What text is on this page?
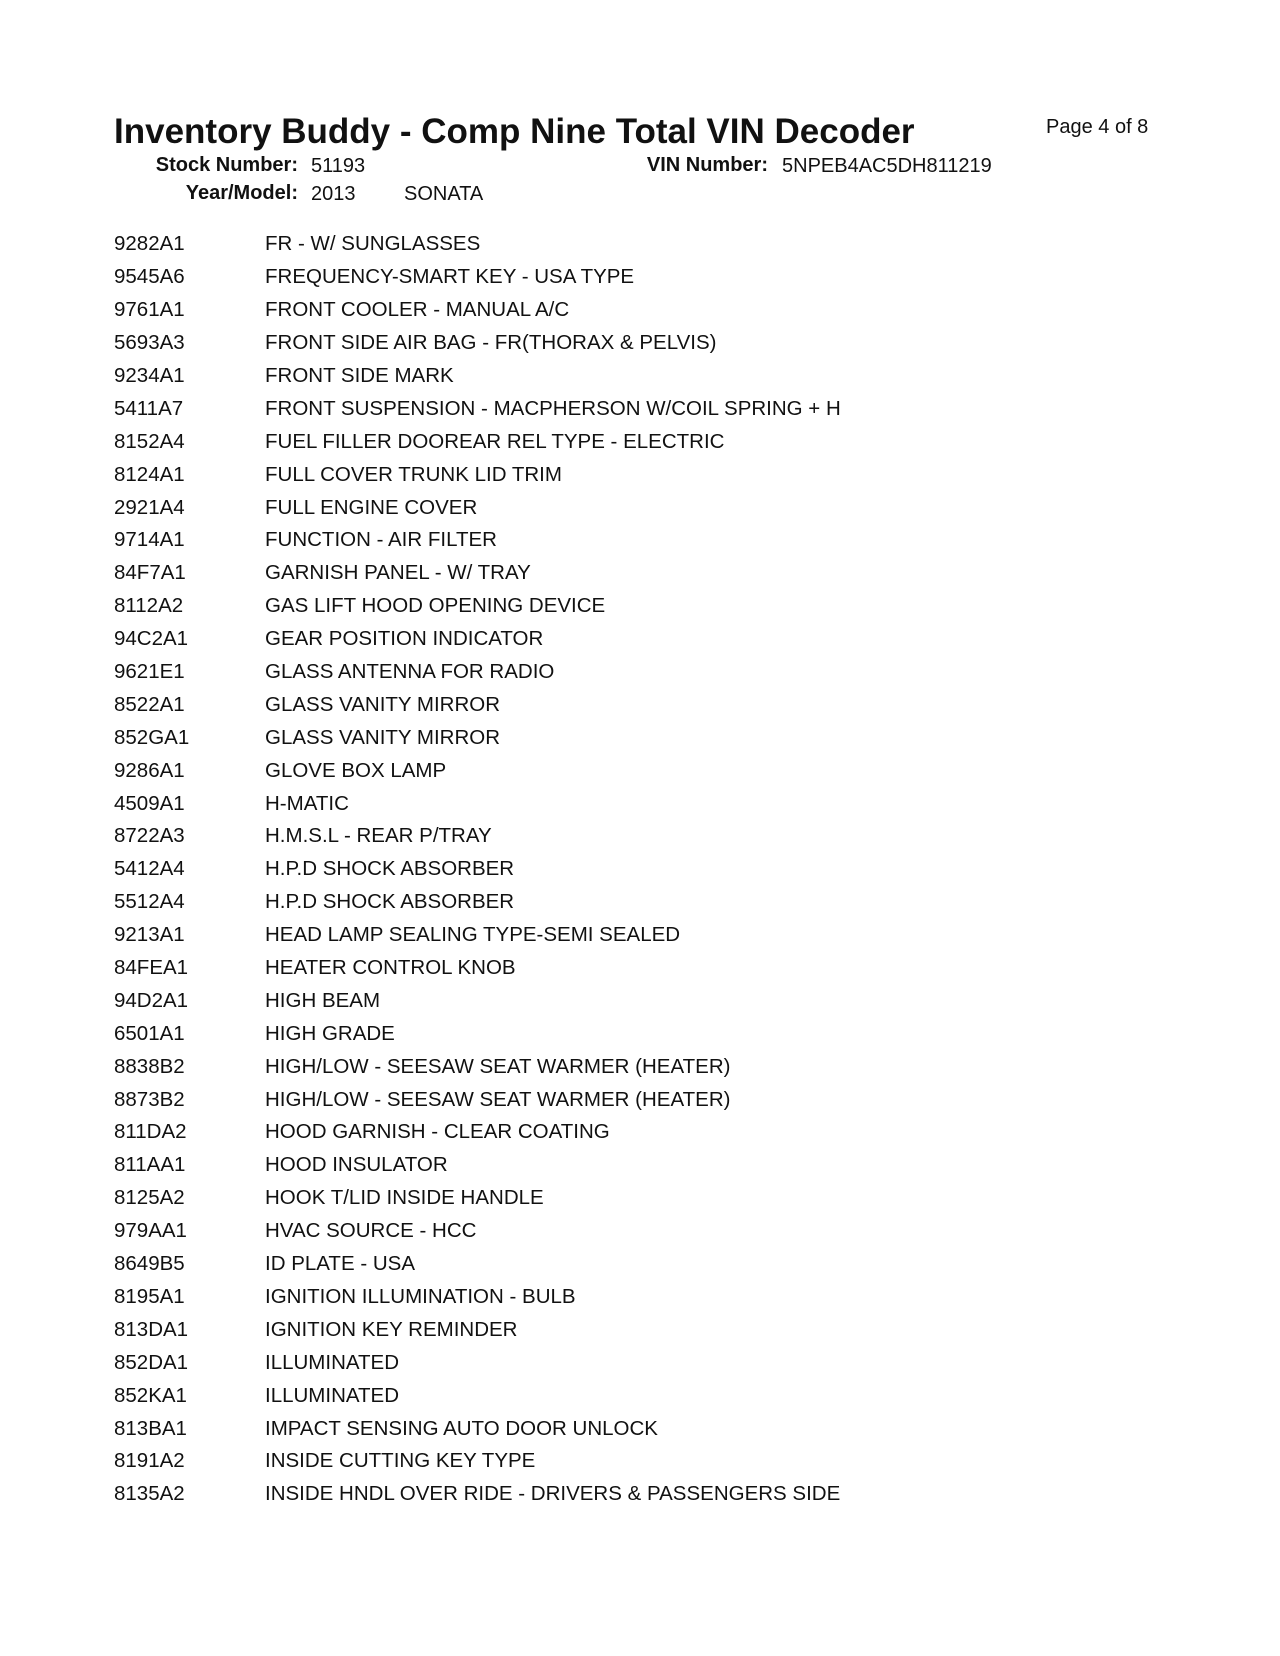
Inventory Buddy - Comp Nine Total VIN Decoder	Page 4 of 8
Stock Number: 51193	VIN Number: 5NPEB4AC5DH811219
Year/Model: 2013 SONATA
9282A1	FR - W/ SUNGLASSES
9545A6	FREQUENCY-SMART KEY - USA TYPE
9761A1	FRONT COOLER - MANUAL A/C
5693A3	FRONT SIDE AIR BAG - FR(THORAX & PELVIS)
9234A1	FRONT SIDE MARK
5411A7	FRONT SUSPENSION - MACPHERSON W/COIL SPRING + H
8152A4	FUEL FILLER DOOREAR REL TYPE - ELECTRIC
8124A1	FULL COVER TRUNK LID TRIM
2921A4	FULL ENGINE COVER
9714A1	FUNCTION - AIR FILTER
84F7A1	GARNISH PANEL - W/ TRAY
8112A2	GAS LIFT HOOD OPENING DEVICE
94C2A1	GEAR POSITION INDICATOR
9621E1	GLASS ANTENNA FOR RADIO
8522A1	GLASS VANITY MIRROR
852GA1	GLASS VANITY MIRROR
9286A1	GLOVE BOX LAMP
4509A1	H-MATIC
8722A3	H.M.S.L - REAR P/TRAY
5412A4	H.P.D SHOCK ABSORBER
5512A4	H.P.D SHOCK ABSORBER
9213A1	HEAD LAMP SEALING TYPE-SEMI SEALED
84FEA1	HEATER CONTROL KNOB
94D2A1	HIGH BEAM
6501A1	HIGH GRADE
8838B2	HIGH/LOW - SEESAW SEAT WARMER (HEATER)
8873B2	HIGH/LOW - SEESAW SEAT WARMER (HEATER)
811DA2	HOOD GARNISH - CLEAR COATING
811AA1	HOOD INSULATOR
8125A2	HOOK T/LID INSIDE HANDLE
979AA1	HVAC SOURCE - HCC
8649B5	ID PLATE - USA
8195A1	IGNITION ILLUMINATION - BULB
813DA1	IGNITION KEY REMINDER
852DA1	ILLUMINATED
852KA1	ILLUMINATED
813BA1	IMPACT SENSING AUTO DOOR UNLOCK
8191A2	INSIDE CUTTING KEY TYPE
8135A2	INSIDE HNDL OVER RIDE - DRIVERS & PASSENGERS SIDE
